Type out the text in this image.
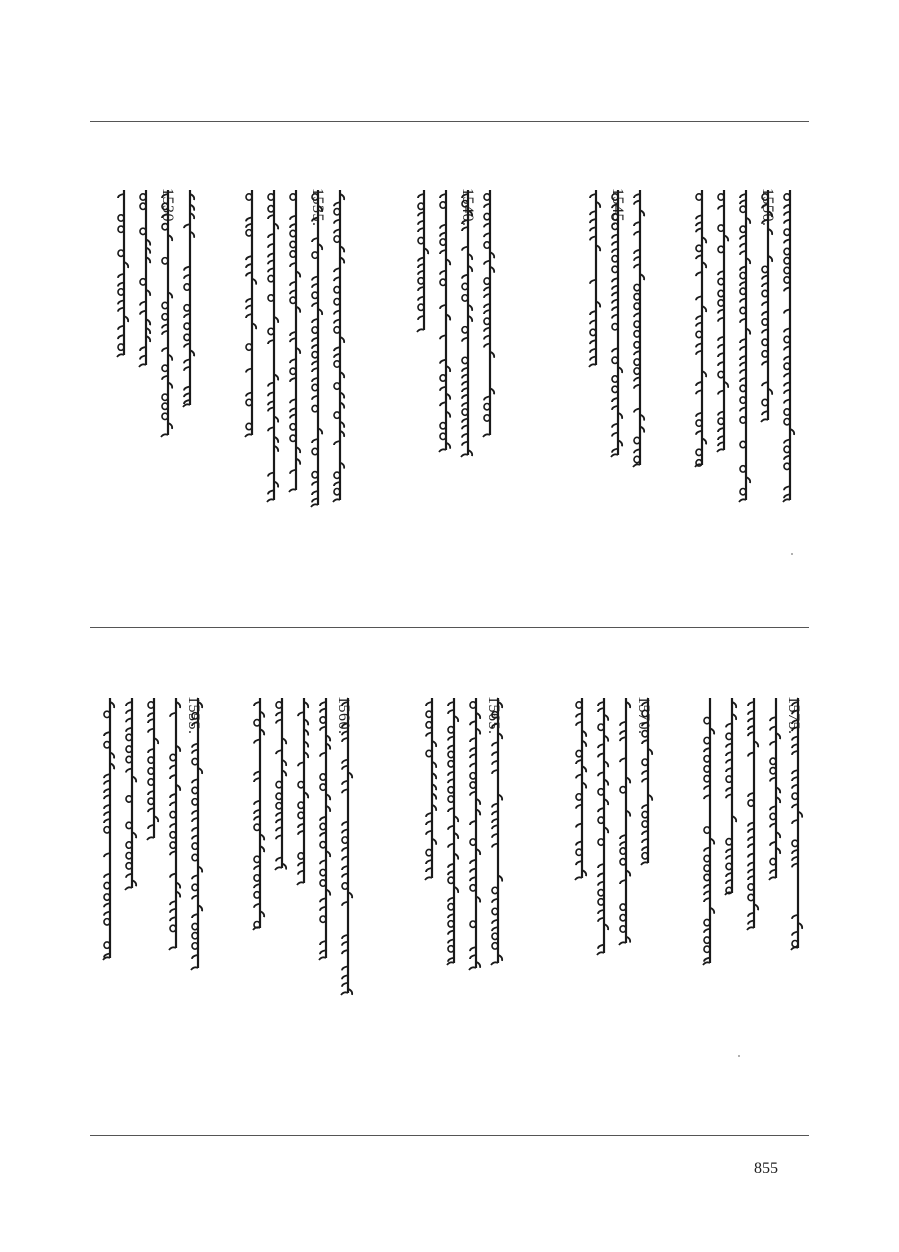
1550.
1545.
1540.
1535.
1530.
1575.
1570.
1565.
1560.
1555.
855
